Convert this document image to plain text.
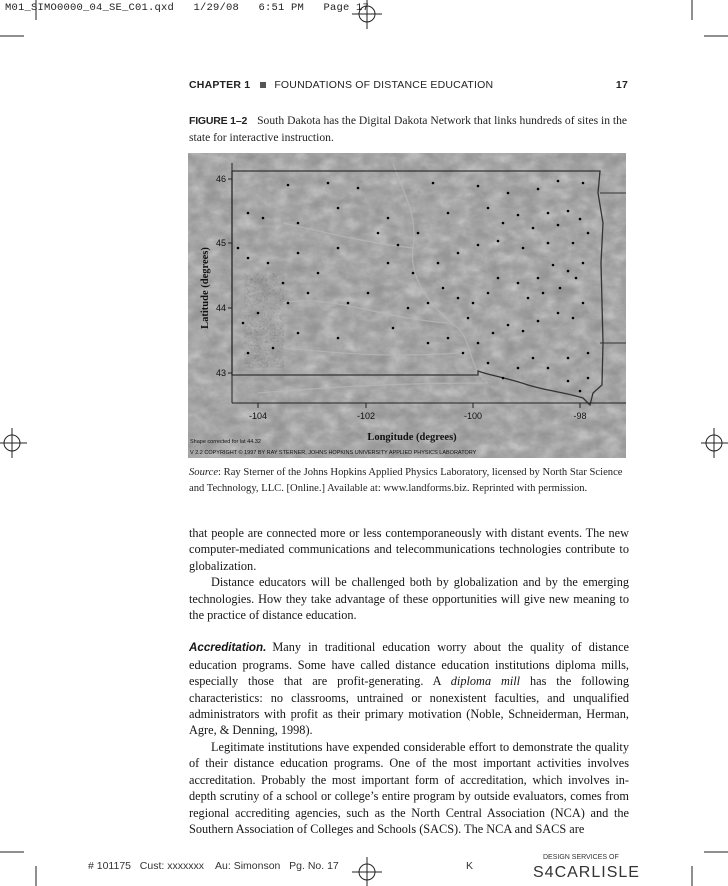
M01_SIMO0000_04_SE_C01.qxd   1/29/08   6:51 PM   Page 17
CHAPTER 1 FOUNDATIONS OF DISTANCE EDUCATION	17
FIGURE 1–2 South Dakota has the Digital Dakota Network that links hundreds of sites in the state for interactive instruction.
46
45
44
43
-104	-102	-100	-98
Longitude (degrees)
Latitude (degrees)
Shape corrected for lat 44.32
V 2.2 COPYRIGHT © 1997 BY RAY STERNER, JOHNS HOPKINS UNIVERSITY APPLIED PHYSICS LABORATORY
Source: Ray Sterner of the Johns Hopkins Applied Physics Laboratory, licensed by North Star Science and Technology, LLC. [Online.] Available at: www.landforms.biz. Reprinted with permission.

that people are connected more or less contemporaneously with distant events. The new computer-mediated communications and telecommunications technologies contribute to globalization.

Distance educators will be challenged both by globalization and by the emerging technologies. How they take advantage of these opportunities will give new meaning to the practice of distance education.

Accreditation. Many in traditional education worry about the quality of distance education programs. Some have called distance education institutions diploma mills, especially those that are profit-generating. A diploma mill has the following characteristics: no classrooms, untrained or nonexistent faculties, and unqualified administrators with profit as their primary motivation (Noble, Schneiderman, Herman, Agre, & Denning, 1998).

Legitimate institutions have expended considerable effort to demonstrate the quality of their distance education programs. One of the most important activities involves accreditation. Probably the most important form of accreditation, which involves in-depth scrutiny of a school or college’s entire program by outside evaluators, comes from regional accrediting agencies, such as the North Central Association (NCA) and the Southern Association of Colleges and Schools (SACS). The NCA and SACS are

# 101175   Cust: xxxxxxx    Au: Simonson   Pg. No. 17	K
DESIGN SERVICES OF
S4CARLISLE
